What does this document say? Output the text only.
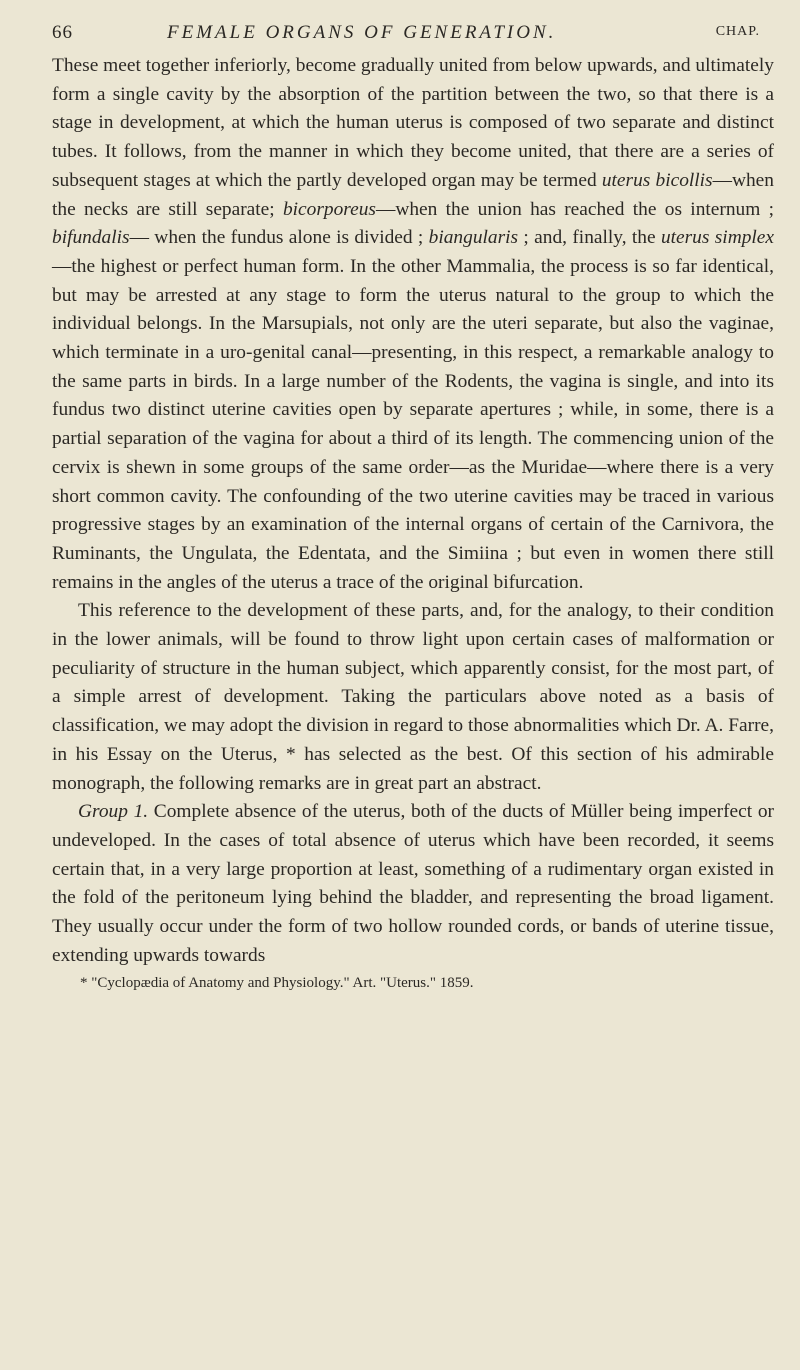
66	FEMALE ORGANS OF GENERATION.	CHAP.

These meet together inferiorly, become gradually united from below upwards, and ultimately form a single cavity by the absorption of the partition between the two, so that there is a stage in development, at which the human uterus is composed of two separate and distinct tubes. It follows, from the manner in which they become united, that there are a series of subsequent stages at which the partly developed organ may be termed uterus bicollis—when the necks are still separate; bicorporeus—when the union has reached the os internum ; bifundalis— when the fundus alone is divided ; biangularis ; and, finally, the uterus simplex—the highest or perfect human form. In the other Mammalia, the process is so far identical, but may be arrested at any stage to form the uterus natural to the group to which the individual belongs. In the Marsupials, not only are the uteri separate, but also the vaginae, which terminate in a uro-genital canal—presenting, in this respect, a remarkable analogy to the same parts in birds. In a large number of the Rodents, the vagina is single, and into its fundus two distinct uterine cavities open by separate apertures ; while, in some, there is a partial separation of the vagina for about a third of its length. The commencing union of the cervix is shewn in some groups of the same order—as the Muridae—where there is a very short common cavity. The confounding of the two uterine cavities may be traced in various progressive stages by an examination of the internal organs of certain of the Carnivora, the Ruminants, the Ungulata, the Edentata, and the Simiina ; but even in women there still remains in the angles of the uterus a trace of the original bifurcation.

This reference to the development of these parts, and, for the analogy, to their condition in the lower animals, will be found to throw light upon certain cases of malformation or peculiarity of structure in the human subject, which apparently consist, for the most part, of a simple arrest of development. Taking the particulars above noted as a basis of classification, we may adopt the division in regard to those abnormalities which Dr. A. Farre, in his Essay on the Uterus, * has selected as the best. Of this section of his admirable monograph, the following remarks are in great part an abstract.

Group 1. Complete absence of the uterus, both of the ducts of Müller being imperfect or undeveloped. In the cases of total absence of uterus which have been recorded, it seems certain that, in a very large proportion at least, something of a rudimentary organ existed in the fold of the peritoneum lying behind the bladder, and representing the broad ligament. They usually occur under the form of two hollow rounded cords, or bands of uterine tissue, extending upwards towards

* "Cyclopædia of Anatomy and Physiology." Art. "Uterus." 1859.
